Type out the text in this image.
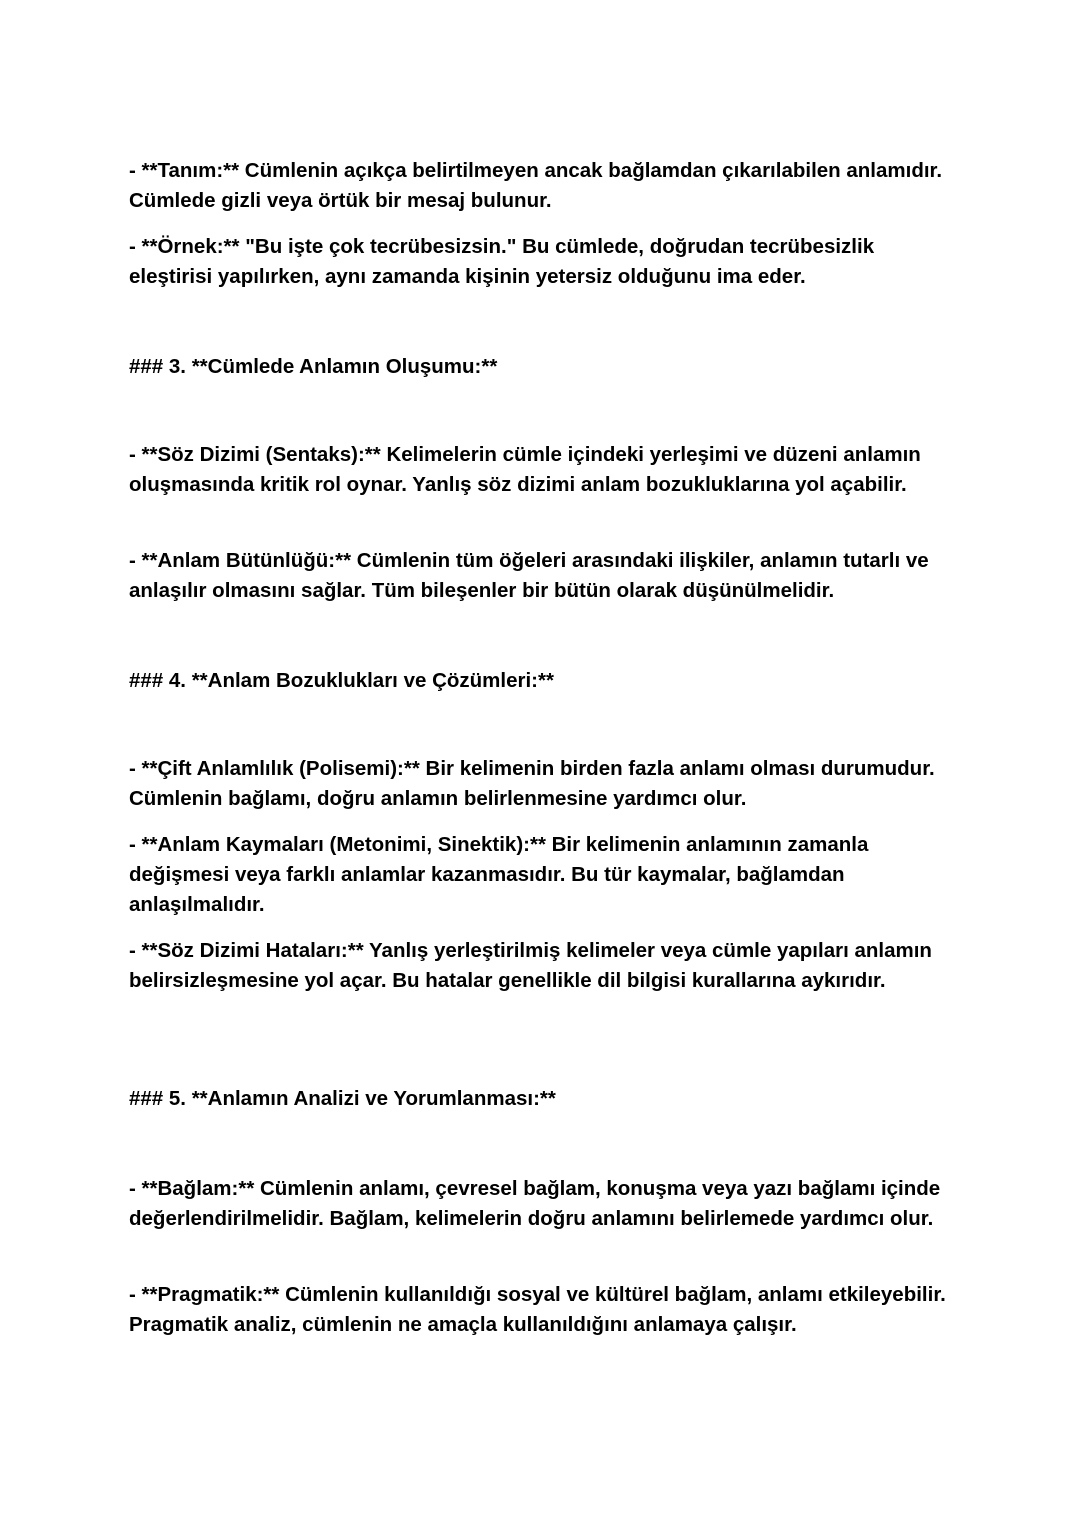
- **Tanım:** Cümlenin açıkça belirtilmeyen ancak bağlamdan çıkarılabilen anlamıdır. Cümlede gizli veya örtük bir mesaj bulunur.

- **Örnek:** "Bu işte çok tecrübesizsin." Bu cümlede, doğrudan tecrübesizlik eleştirisi yapılırken, aynı zamanda kişinin yetersiz olduğunu ima eder.

### 3. **Cümlede Anlamın Oluşumu:**

- **Söz Dizimi (Sentaks):** Kelimelerin cümle içindeki yerleşimi ve düzeni anlamın oluşmasında kritik rol oynar. Yanlış söz dizimi anlam bozukluklarına yol açabilir.

- **Anlam Bütünlüğü:** Cümlenin tüm öğeleri arasındaki ilişkiler, anlamın tutarlı ve anlaşılır olmasını sağlar. Tüm bileşenler bir bütün olarak düşünülmelidir.

### 4. **Anlam Bozuklukları ve Çözümleri:**

- **Çift Anlamlılık (Polisemi):** Bir kelimenin birden fazla anlamı olması durumudur. Cümlenin bağlamı, doğru anlamın belirlenmesine yardımcı olur.

- **Anlam Kaymaları (Metonimi, Sinektik):** Bir kelimenin anlamının zamanla değişmesi veya farklı anlamlar kazanmasıdır. Bu tür kaymalar, bağlamdan anlaşılmalıdır.

- **Söz Dizimi Hataları:** Yanlış yerleştirilmiş kelimeler veya cümle yapıları anlamın belirsizleşmesine yol açar. Bu hatalar genellikle dil bilgisi kurallarına aykırıdır.

### 5. **Anlamın Analizi ve Yorumlanması:**

- **Bağlam:** Cümlenin anlamı, çevresel bağlam, konuşma veya yazı bağlamı içinde değerlendirilmelidir. Bağlam, kelimelerin doğru anlamını belirlemede yardımcı olur.

- **Pragmatik:** Cümlenin kullanıldığı sosyal ve kültürel bağlam, anlamı etkileyebilir. Pragmatik analiz, cümlenin ne amaçla kullanıldığını anlamaya çalışır.
